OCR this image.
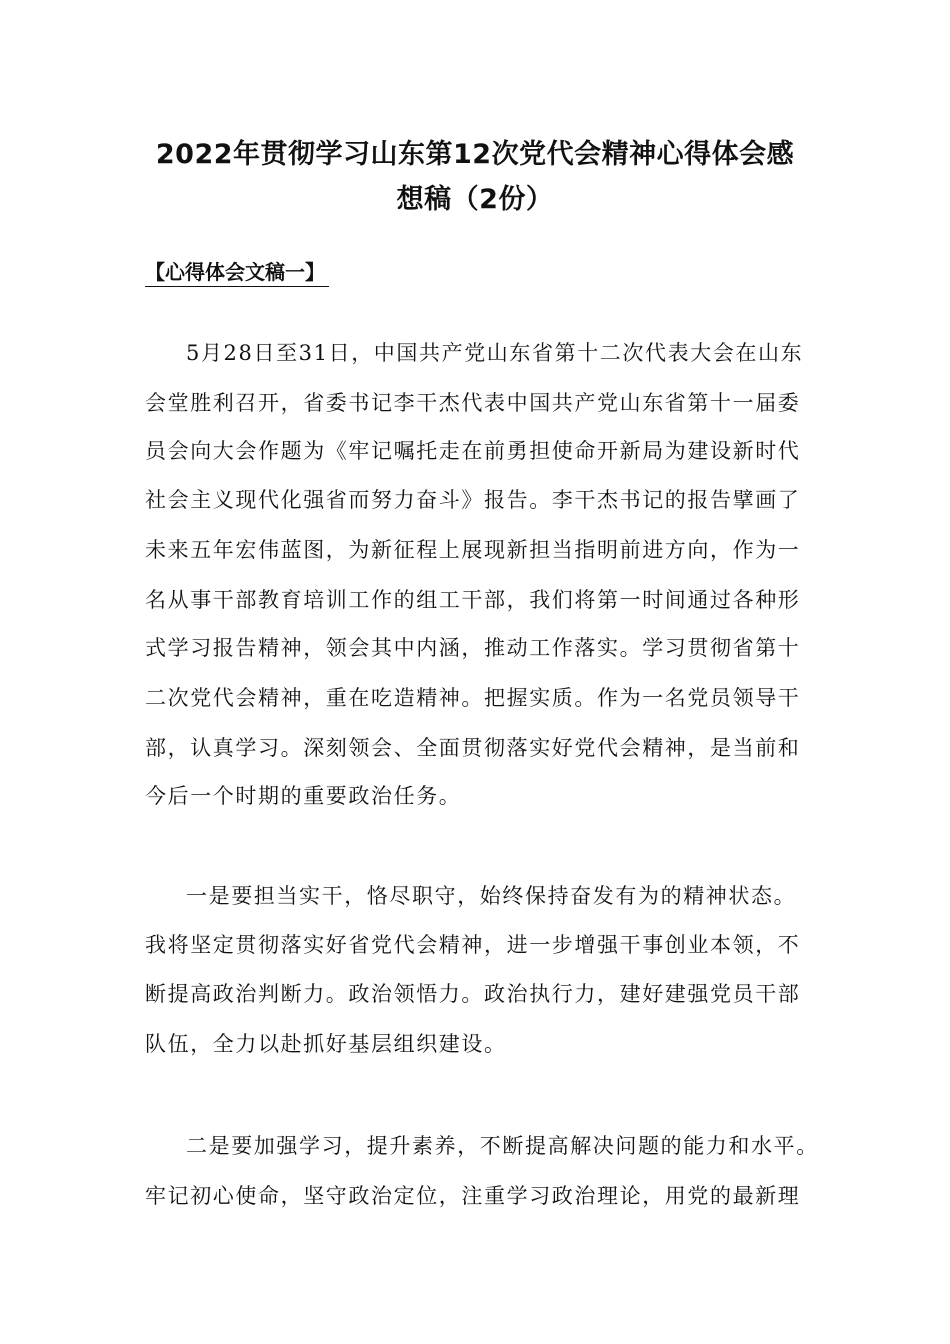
2022年贯彻学习山东第12次党代会精神心得体会感
想稿（2份）
【心得体会文稿一】
5月28日至31日，中国共产党山东省第十二次代表大会在山东
会堂胜利召开，省委书记李干杰代表中国共产党山东省第十一届委
员会向大会作题为《牢记嘱托走在前勇担使命开新局为建设新时代
社会主义现代化强省而努力奋斗》报告。李干杰书记的报告擘画了
未来五年宏伟蓝图，为新征程上展现新担当指明前进方向，作为一
名从事干部教育培训工作的组工干部，我们将第一时间通过各种形
式学习报告精神，领会其中内涵，推动工作落实。学习贯彻省第十
二次党代会精神，重在吃造精神。把握实质。作为一名党员领导干
部，认真学习。深刻领会、全面贯彻落实好党代会精神，是当前和
今后一个时期的重要政治任务。
一是要担当实干，恪尽职守，始终保持奋发有为的精神状态。
我将坚定贯彻落实好省党代会精神，进一步增强干事创业本领，不
断提高政治判断力。政治领悟力。政治执行力，建好建强党员干部
队伍，全力以赴抓好基层组织建设。
二是要加强学习，提升素养，不断提高解决问题的能力和水平。
牢记初心使命，坚守政治定位，注重学习政治理论，用党的最新理
